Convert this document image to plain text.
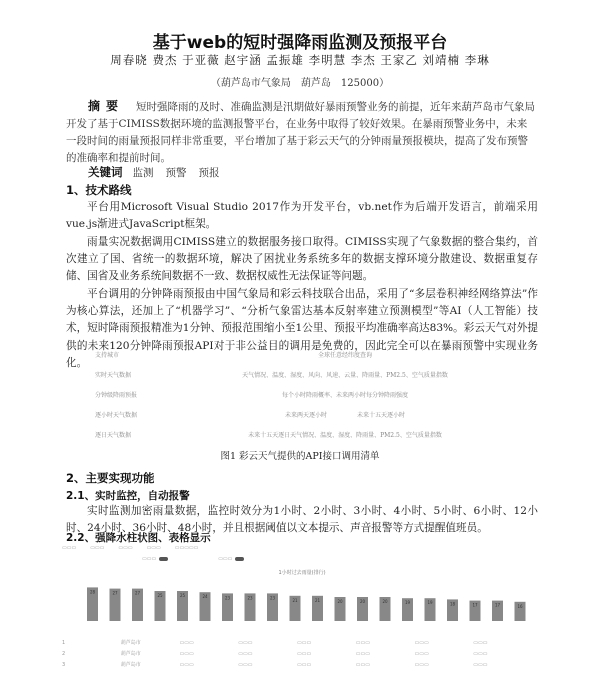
基于web的短时强降雨监测及预报平台
周春晓 费杰 于亚薇 赵宇涵 孟振雄 李明慧 李杰 王家乙 刘靖楠 李琳
（葫芦岛市气象局　葫芦岛　125000）
摘要 短时强降雨的及时、准确监测是汛期做好暴雨预警业务的前提，近年来葫芦岛市气象局开发了基于CIMISS数据环境的监测报警平台，在业务中取得了较好效果。在暴雨预警业务中，未来一段时间的雨量预报同样非常重要，平台增加了基于彩云天气的分钟雨量预报模块，提高了发布预警的准确率和提前时间。
关键词 监测 预警 预报
1、技术路线
平台用Microsoft Visual Studio 2017作为开发平台，vb.net作为后端开发语言，前端采用vue.js渐进式JavaScript框架。
雨量实况数据调用CIMISS建立的数据服务接口取得。CIMISS实现了气象数据的整合集约，首次建立了国、省统一的数据环境，解决了困扰业务系统多年的数据支撑环境分散建设、数据重复存储、国省及业务系统间数据不一致、数据权威性无法保证等问题。
平台调用的分钟降雨预报由中国气象局和彩云科技联合出品，采用了“多层卷积神经网络算法”作为核心算法，还加上了“机器学习”、“分析气象雷达基本反射率建立预测模型”等AI（人工智能）技术，短时降雨预报精准为1分钟、预报范围缩小至1公里、预报平均准确率高达83%。彩云天气对外提供的未来120分钟降雨预报API对于非公益目的调用是免费的，因此完全可以在暴雨预警中实现业务化。
支持城市	全球任意经纬度查询
实时天气数据	天气情况、温度、湿度、风向、风速、云量、降雨量、PM2.5、空气质量指数
分钟级降雨预报	每个小时降雨概率、未来两小时每分钟降雨强度
逐小时天气数据	未来两天逐小时　　　　　未来十五天逐小时
逐日天气数据	未来十五天逐日天气情况、温度、湿度、降雨量、PM2.5、空气质量指数
图1 彩云天气提供的API接口调用清单
2、主要实现功能
2.1、实时监控，自动报警
实时监测加密雨量数据，监控时效分为1小时、2小时、3小时、4小时、5小时、6小时、12小时、24小时、36小时、48小时，并且根据阈值以文本提示、声音报警等方式提醒值班员。
2.2、强降水柱状图、表格显示
▭▭▭	▭▭▭	▭▭▭	▭▭▭	▭▭▭▭▭
▭▭▭	▭▭▭
1小时过去雨量(排行)
28	27	27	25	25	24	23	23	23	21	21	20	20	20	19	19	18	17	17	16
1	葫芦岛市	▭▭▭	▭▭▭	▭▭▭	▭▭▭	▭▭▭	▭▭▭
2	葫芦岛市	▭▭▭	▭▭▭	▭▭▭	▭▭▭	▭▭▭	▭▭▭
3	葫芦岛市	▭▭▭	▭▭▭	▭▭▭	▭▭▭	▭▭▭	▭▭▭
